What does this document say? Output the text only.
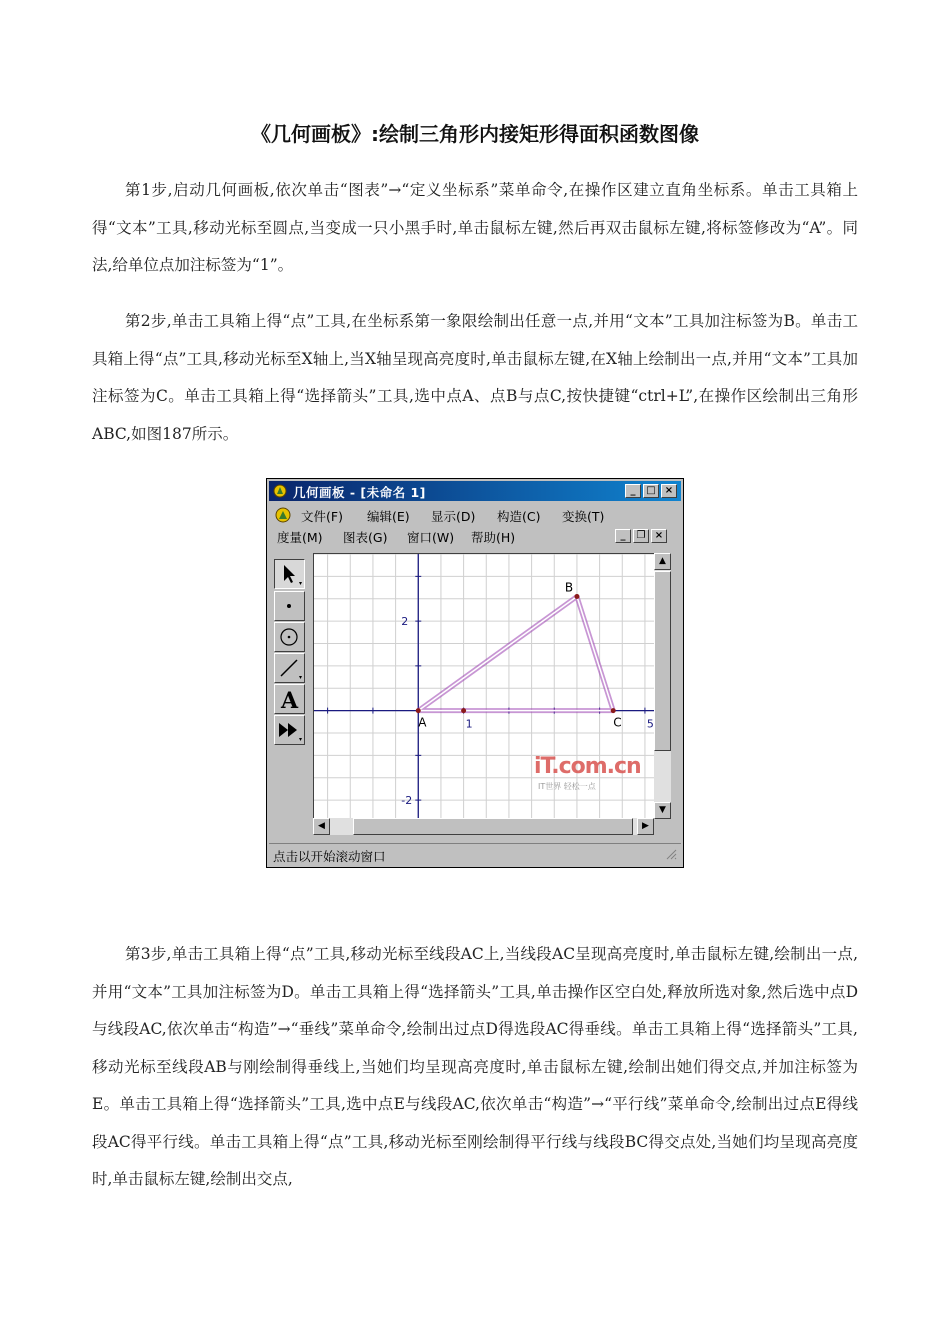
《几何画板》:绘制三角形内接矩形得面积函数图像

第1步,启动几何画板,依次单击“图表”→“定义坐标系”菜单命令,在操作区建立直角坐标系。单击工具箱上得“文本”工具,移动光标至圆点,当变成一只小黑手时,单击鼠标左键,然后再双击鼠标左键,将标签修改为“A”。同法,给单位点加注标签为“1”。

第2步,单击工具箱上得“点”工具,在坐标系第一象限绘制出任意一点,并用“文本”工具加注标签为B。单击工具箱上得“点”工具,移动光标至X轴上,当X轴呈现高亮度时,单击鼠标左键,在X轴上绘制出一点,并用“文本”工具加注标签为C。单击工具箱上得“选择箭头”工具,选中点A、点B与点C,按快捷键“ctrl+L”,在操作区绘制出三角形ABC,如图187所示。

几何画板 - [未命名 1]	_	□ ×
文件(F) 编辑(E) 显示(D) 构造(C) 变换(T)
度量(M) 图表(G) 窗口(W) 帮助(H)	_	❐ ×
A
1	5
2
-2
A
B
C
iT.com.cn
IT世界 轻松一点
▲
▼
◀	▶
点击以开始滚动窗口

第3步,单击工具箱上得“点”工具,移动光标至线段AC上,当线段AC呈现高亮度时,单击鼠标左键,绘制出一点,并用“文本”工具加注标签为D。单击工具箱上得“选择箭头”工具,单击操作区空白处,释放所选对象,然后选中点D与线段AC,依次单击“构造”→“垂线”菜单命令,绘制出过点D得选段AC得垂线。单击工具箱上得“选择箭头”工具,移动光标至线段AB与刚绘制得垂线上,当她们均呈现高亮度时,单击鼠标左键,绘制出她们得交点,并加注标签为E。单击工具箱上得“选择箭头”工具,选中点E与线段AC,依次单击“构造”→“平行线”菜单命令,绘制出过点E得线段AC得平行线。单击工具箱上得“点”工具,移动光标至刚绘制得平行线与线段BC得交点处,当她们均呈现高亮度时,单击鼠标左键,绘制出交点,
